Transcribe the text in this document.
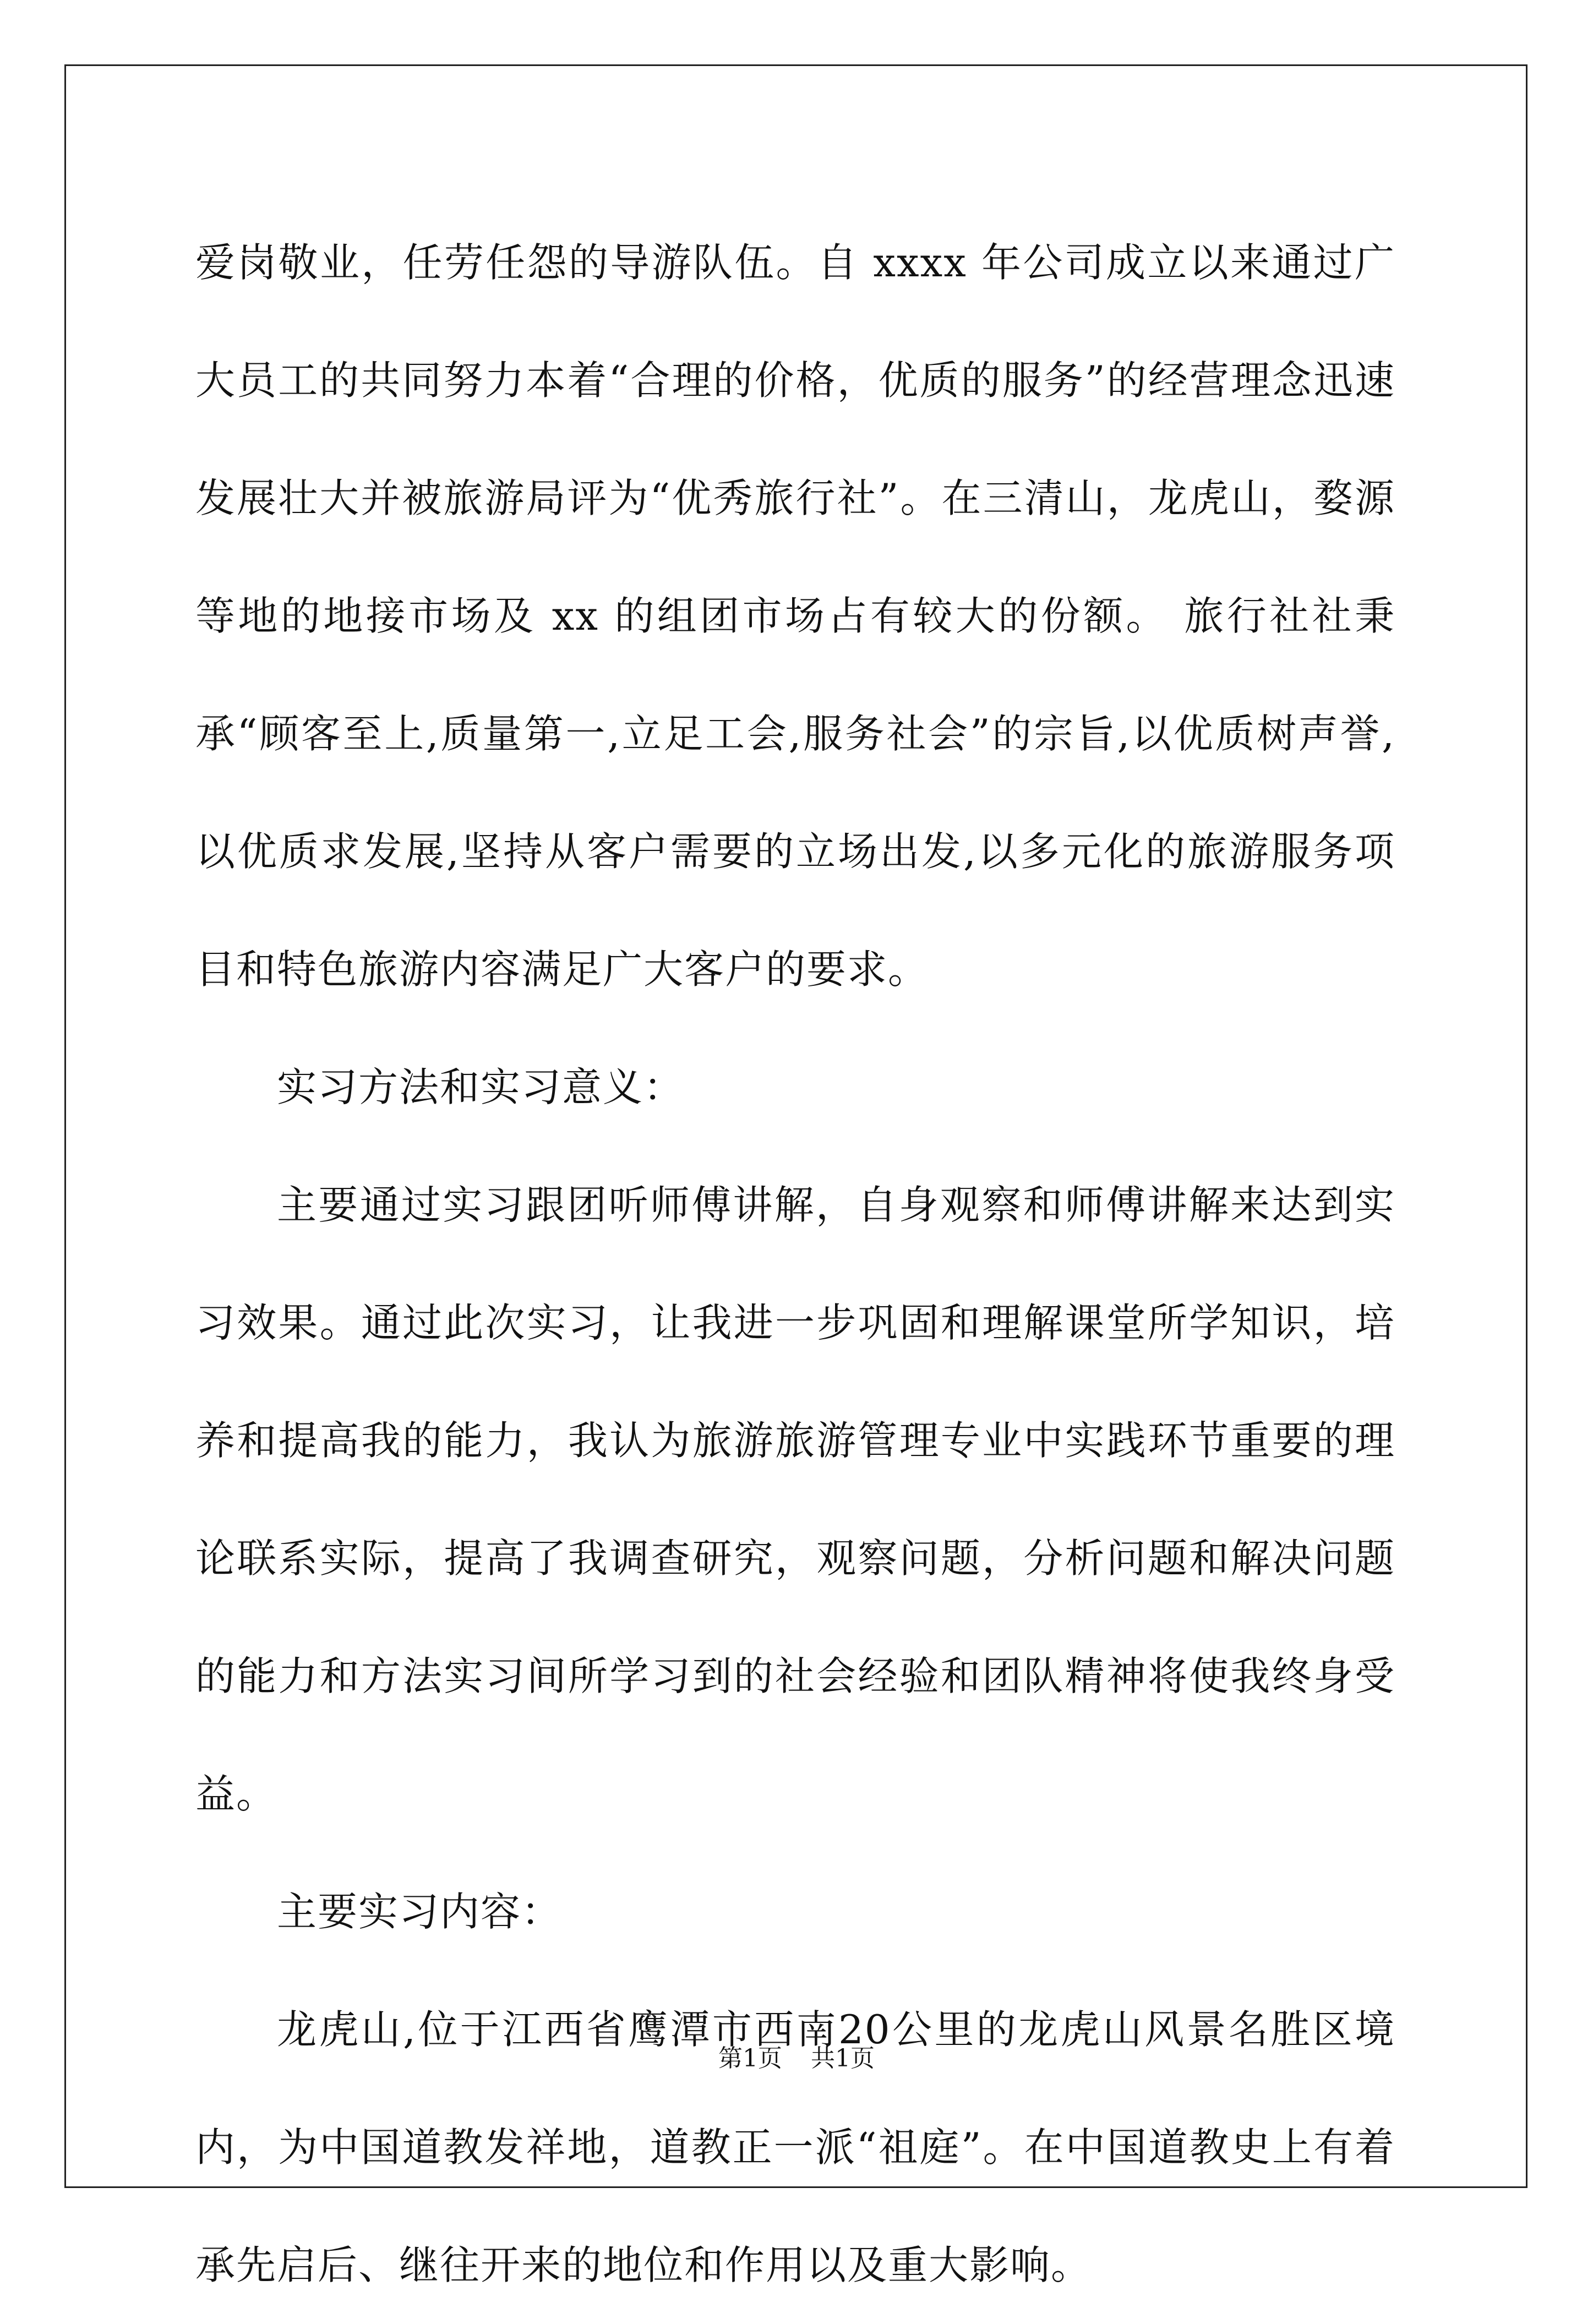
爱岗敬业，任劳任怨的导游队伍。自 xxxx 年公司成立以来通过广大员工的共同努力本着“合理的价格，优质的服务”的经营理念迅速发展壮大并被旅游局评为“优秀旅行社”。在三清山，龙虎山，婺源等地的地接市场及 xx 的组团市场占有较大的份额。 旅行社社秉承“顾客至上,质量第一,立足工会,服务社会”的宗旨,以优质树声誉,以优质求发展,坚持从客户需要的立场出发,以多元化的旅游服务项目和特色旅游内容满足广大客户的要求。

实习方法和实习意义：

主要通过实习跟团听师傅讲解，自身观察和师傅讲解来达到实习效果。通过此次实习，让我进一步巩固和理解课堂所学知识，培养和提高我的能力，我认为旅游旅游管理专业中实践环节重要的理论联系实际，提高了我调查研究，观察问题，分析问题和解决问题的能力和方法实习间所学习到的社会经验和团队精神将使我终身受益。

主要实习内容：

龙虎山,位于江西省鹰潭市西南20公里的龙虎山风景名胜区境内，为中国道教发祥地，道教正一派“祖庭”。在中国道教史上有着承先启后、继往开来的地位和作用以及重大影响。

第1页 共1页
